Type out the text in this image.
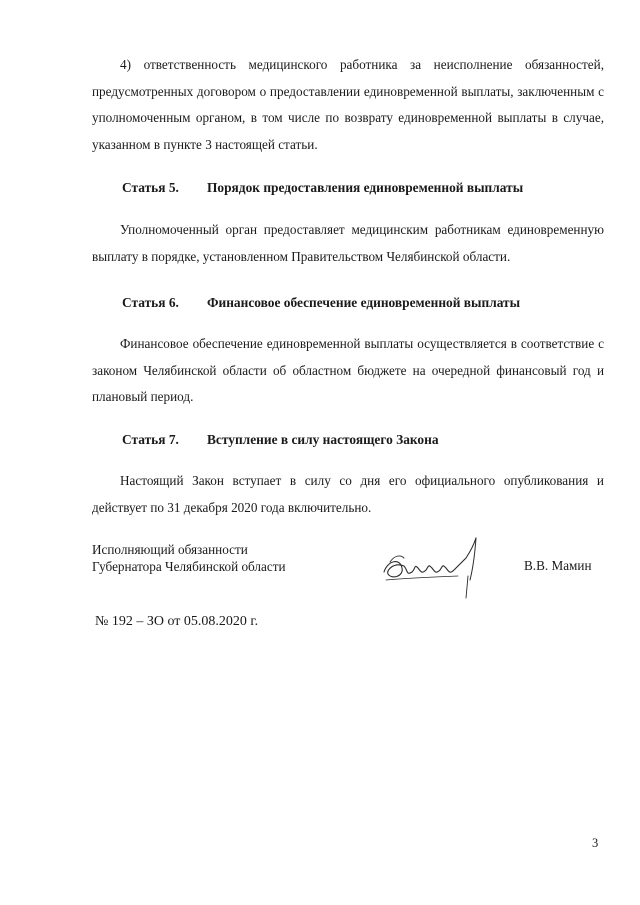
4) ответственность медицинского работника за неисполнение обязанностей, предусмотренных договором о предоставлении единовременной выплаты, заключенным с уполномоченным органом, в том числе по возврату единовременной выплаты в случае, указанном в пункте 3 настоящей статьи.

Статья 5. Порядок предоставления единовременной выплаты

Уполномоченный орган предоставляет медицинским работникам единовременную выплату в порядке, установленном Правительством Челябинской области.

Статья 6. Финансовое обеспечение единовременной выплаты

Финансовое обеспечение единовременной выплаты осуществляется в соответствие с законом Челябинской области об областном бюджете на очередной финансовый год и плановый период.

Статья 7. Вступление в силу настоящего Закона

Настоящий Закон вступает в силу со дня его официального опубликования и действует по 31 декабря 2020 года включительно.

Исполняющий обязанности
Губернатора Челябинской области	В.В. Мамин
№ 192 – ЗО от 05.08.2020 г.
3
